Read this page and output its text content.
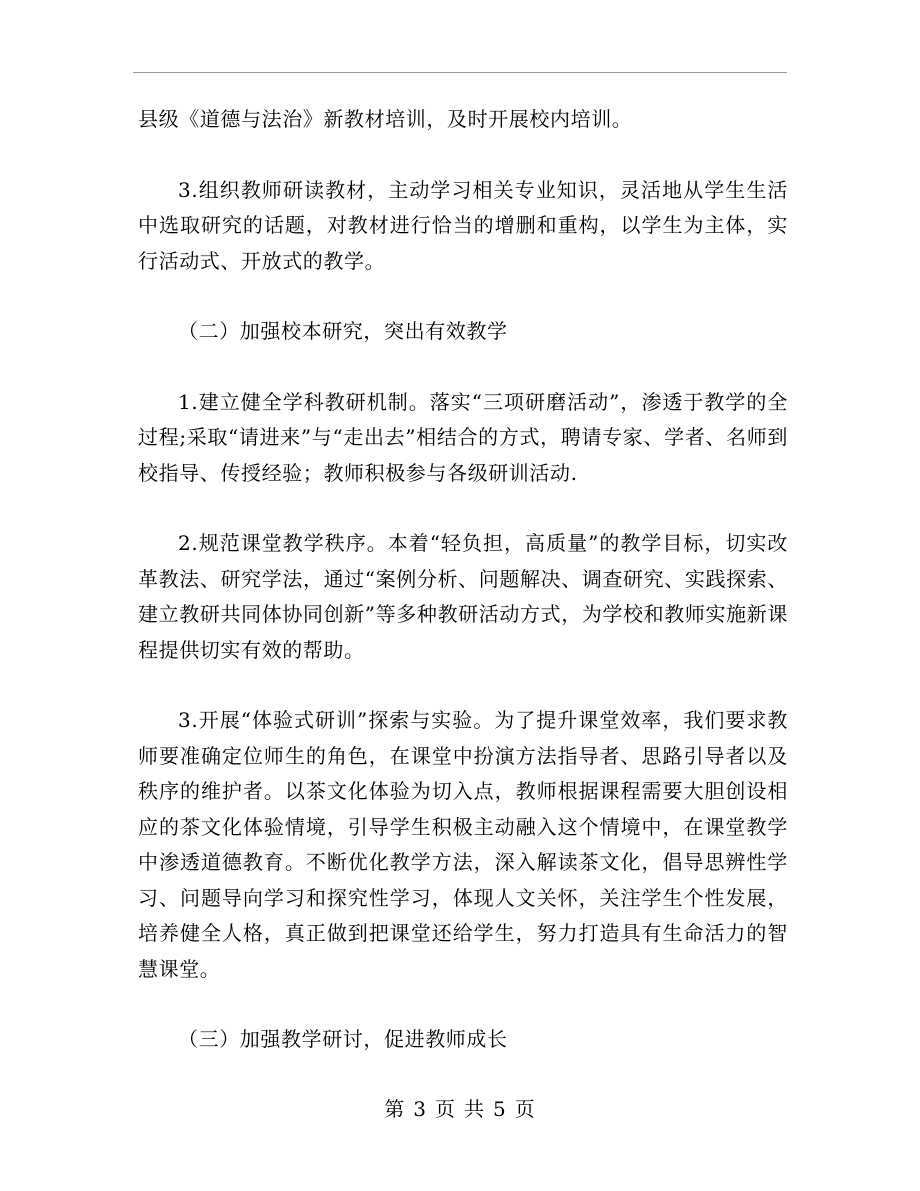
县级《道德与法治》新教材培训，及时开展校内培训。

3.组织教师研读教材，主动学习相关专业知识，灵活地从学生生活中选取研究的话题，对教材进行恰当的增删和重构，以学生为主体，实行活动式、开放式的教学。

（二）加强校本研究，突出有效教学

1.建立健全学科教研机制。落实“三项研磨活动”，渗透于教学的全过程;采取“请进来”与“走出去”相结合的方式，聘请专家、学者、名师到校指导、传授经验；教师积极参与各级研训活动.

2.规范课堂教学秩序。本着“轻负担，高质量”的教学目标，切实改革教法、研究学法，通过“案例分析、问题解决、调查研究、实践探索、建立教研共同体协同创新”等多种教研活动方式，为学校和教师实施新课程提供切实有效的帮助。

3.开展“体验式研训”探索与实验。为了提升课堂效率，我们要求教师要准确定位师生的角色，在课堂中扮演方法指导者、思路引导者以及秩序的维护者。以茶文化体验为切入点，教师根据课程需要大胆创设相应的茶文化体验情境，引导学生积极主动融入这个情境中，在课堂教学中渗透道德教育。不断优化教学方法，深入解读茶文化，倡导思辨性学习、问题导向学习和探究性学习，体现人文关怀，关注学生个性发展，培养健全人格，真正做到把课堂还给学生，努力打造具有生命活力的智慧课堂。

（三）加强教学研讨，促进教师成长

第 3 页 共 5 页
